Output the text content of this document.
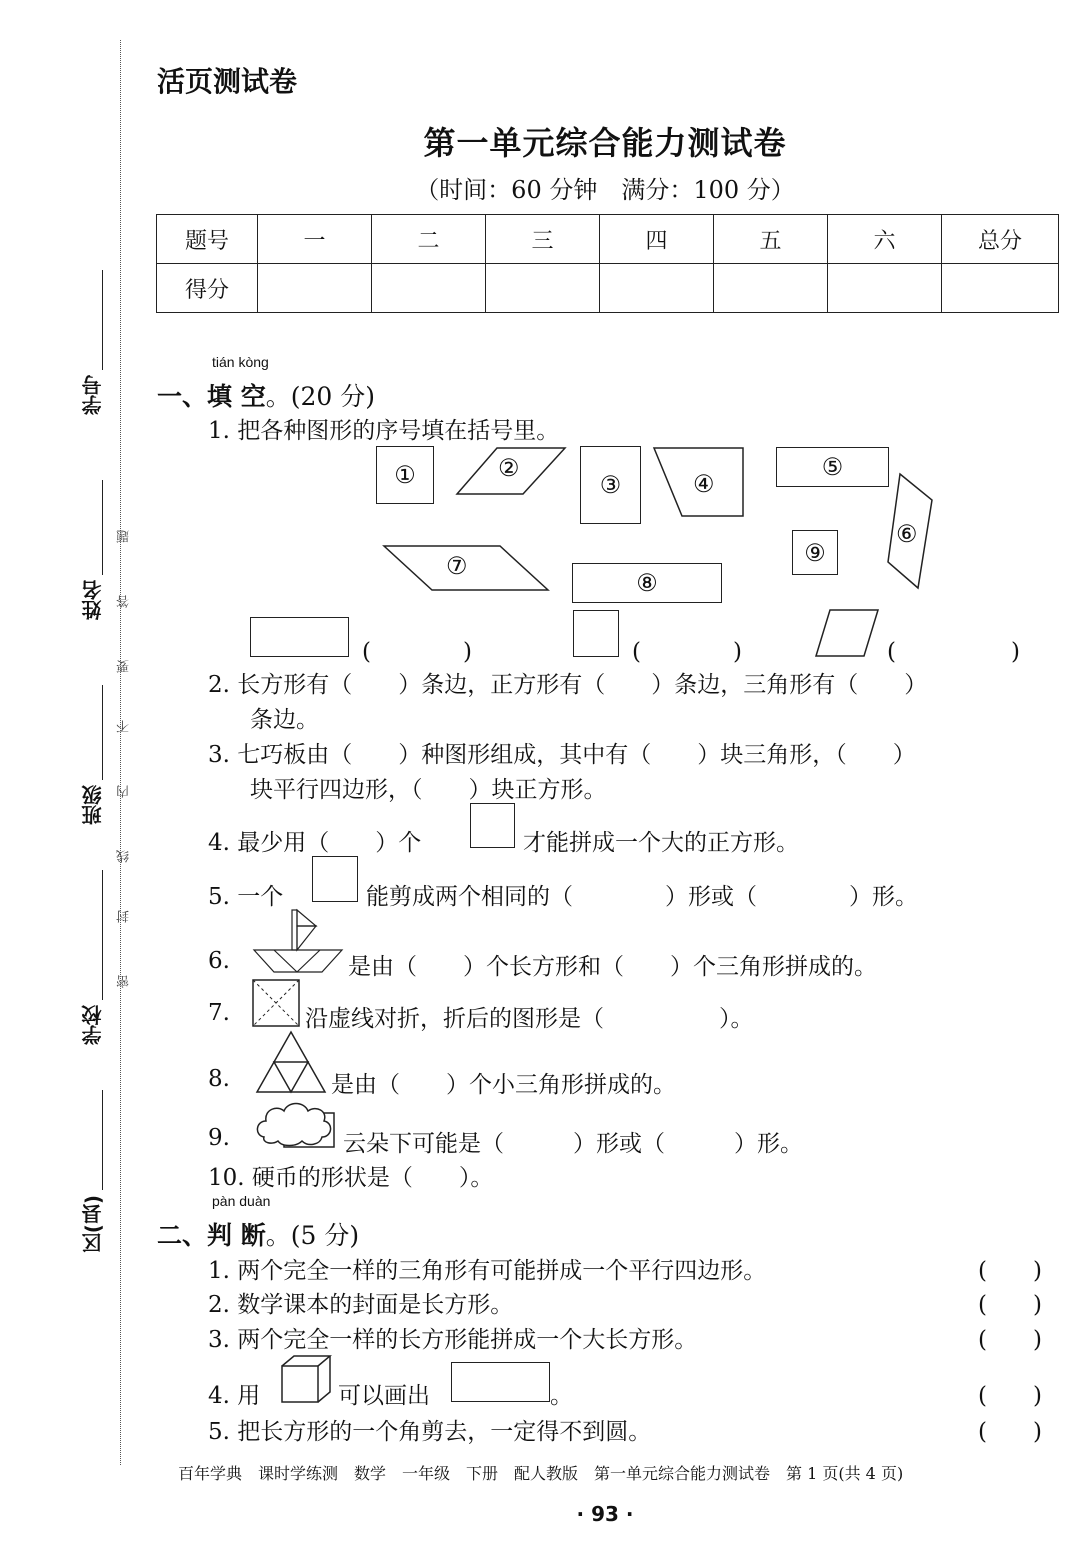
学号
姓名
班级
学校
区(县)
题
答
要
不
内
线
封
密
活页测试卷
第一单元综合能力测试卷
（时间：60 分钟　满分：100 分）
题号	一	二	三	四	五	六	总分
得分							
tián kòng
一、填 空。(20 分)
1. 把各种图形的序号填在括号里。
①	②
③	④
⑤
⑥
⑨
⑦
⑧
(　　　　)	(　　　　)	(　　　　　)
2. 长方形有（　　）条边，正方形有（　　）条边，三角形有（　　）
条边。
3. 七巧板由（　　）种图形组成，其中有（　　）块三角形，（　　）
块平行四边形，（　　）块正方形。
4. 最少用（　　）个	才能拼成一个大的正方形。
5. 一个	能剪成两个相同的（　　　　）形或（　　　　）形。
6.	是由（　　）个长方形和（　　）个三角形拼成的。
7.	沿虚线对折，折后的图形是（　　　　　）。
8.	是由（　　）个小三角形拼成的。
9.	云朵下可能是（　　　）形或（　　　）形。
10. 硬币的形状是（　　）。
pàn duàn
二、判 断。(5 分)
1. 两个完全一样的三角形有可能拼成一个平行四边形。	(　　)
2. 数学课本的封面是长方形。	(　　)
3. 两个完全一样的长方形能拼成一个大长方形。	(　　)
4. 用	可以画出	。	(　　)
5. 把长方形的一个角剪去，一定得不到圆。	(　　)
百年学典　课时学练测　数学　一年级　下册　配人教版　第一单元综合能力测试卷　第 1 页(共 4 页)
· 93 ·
